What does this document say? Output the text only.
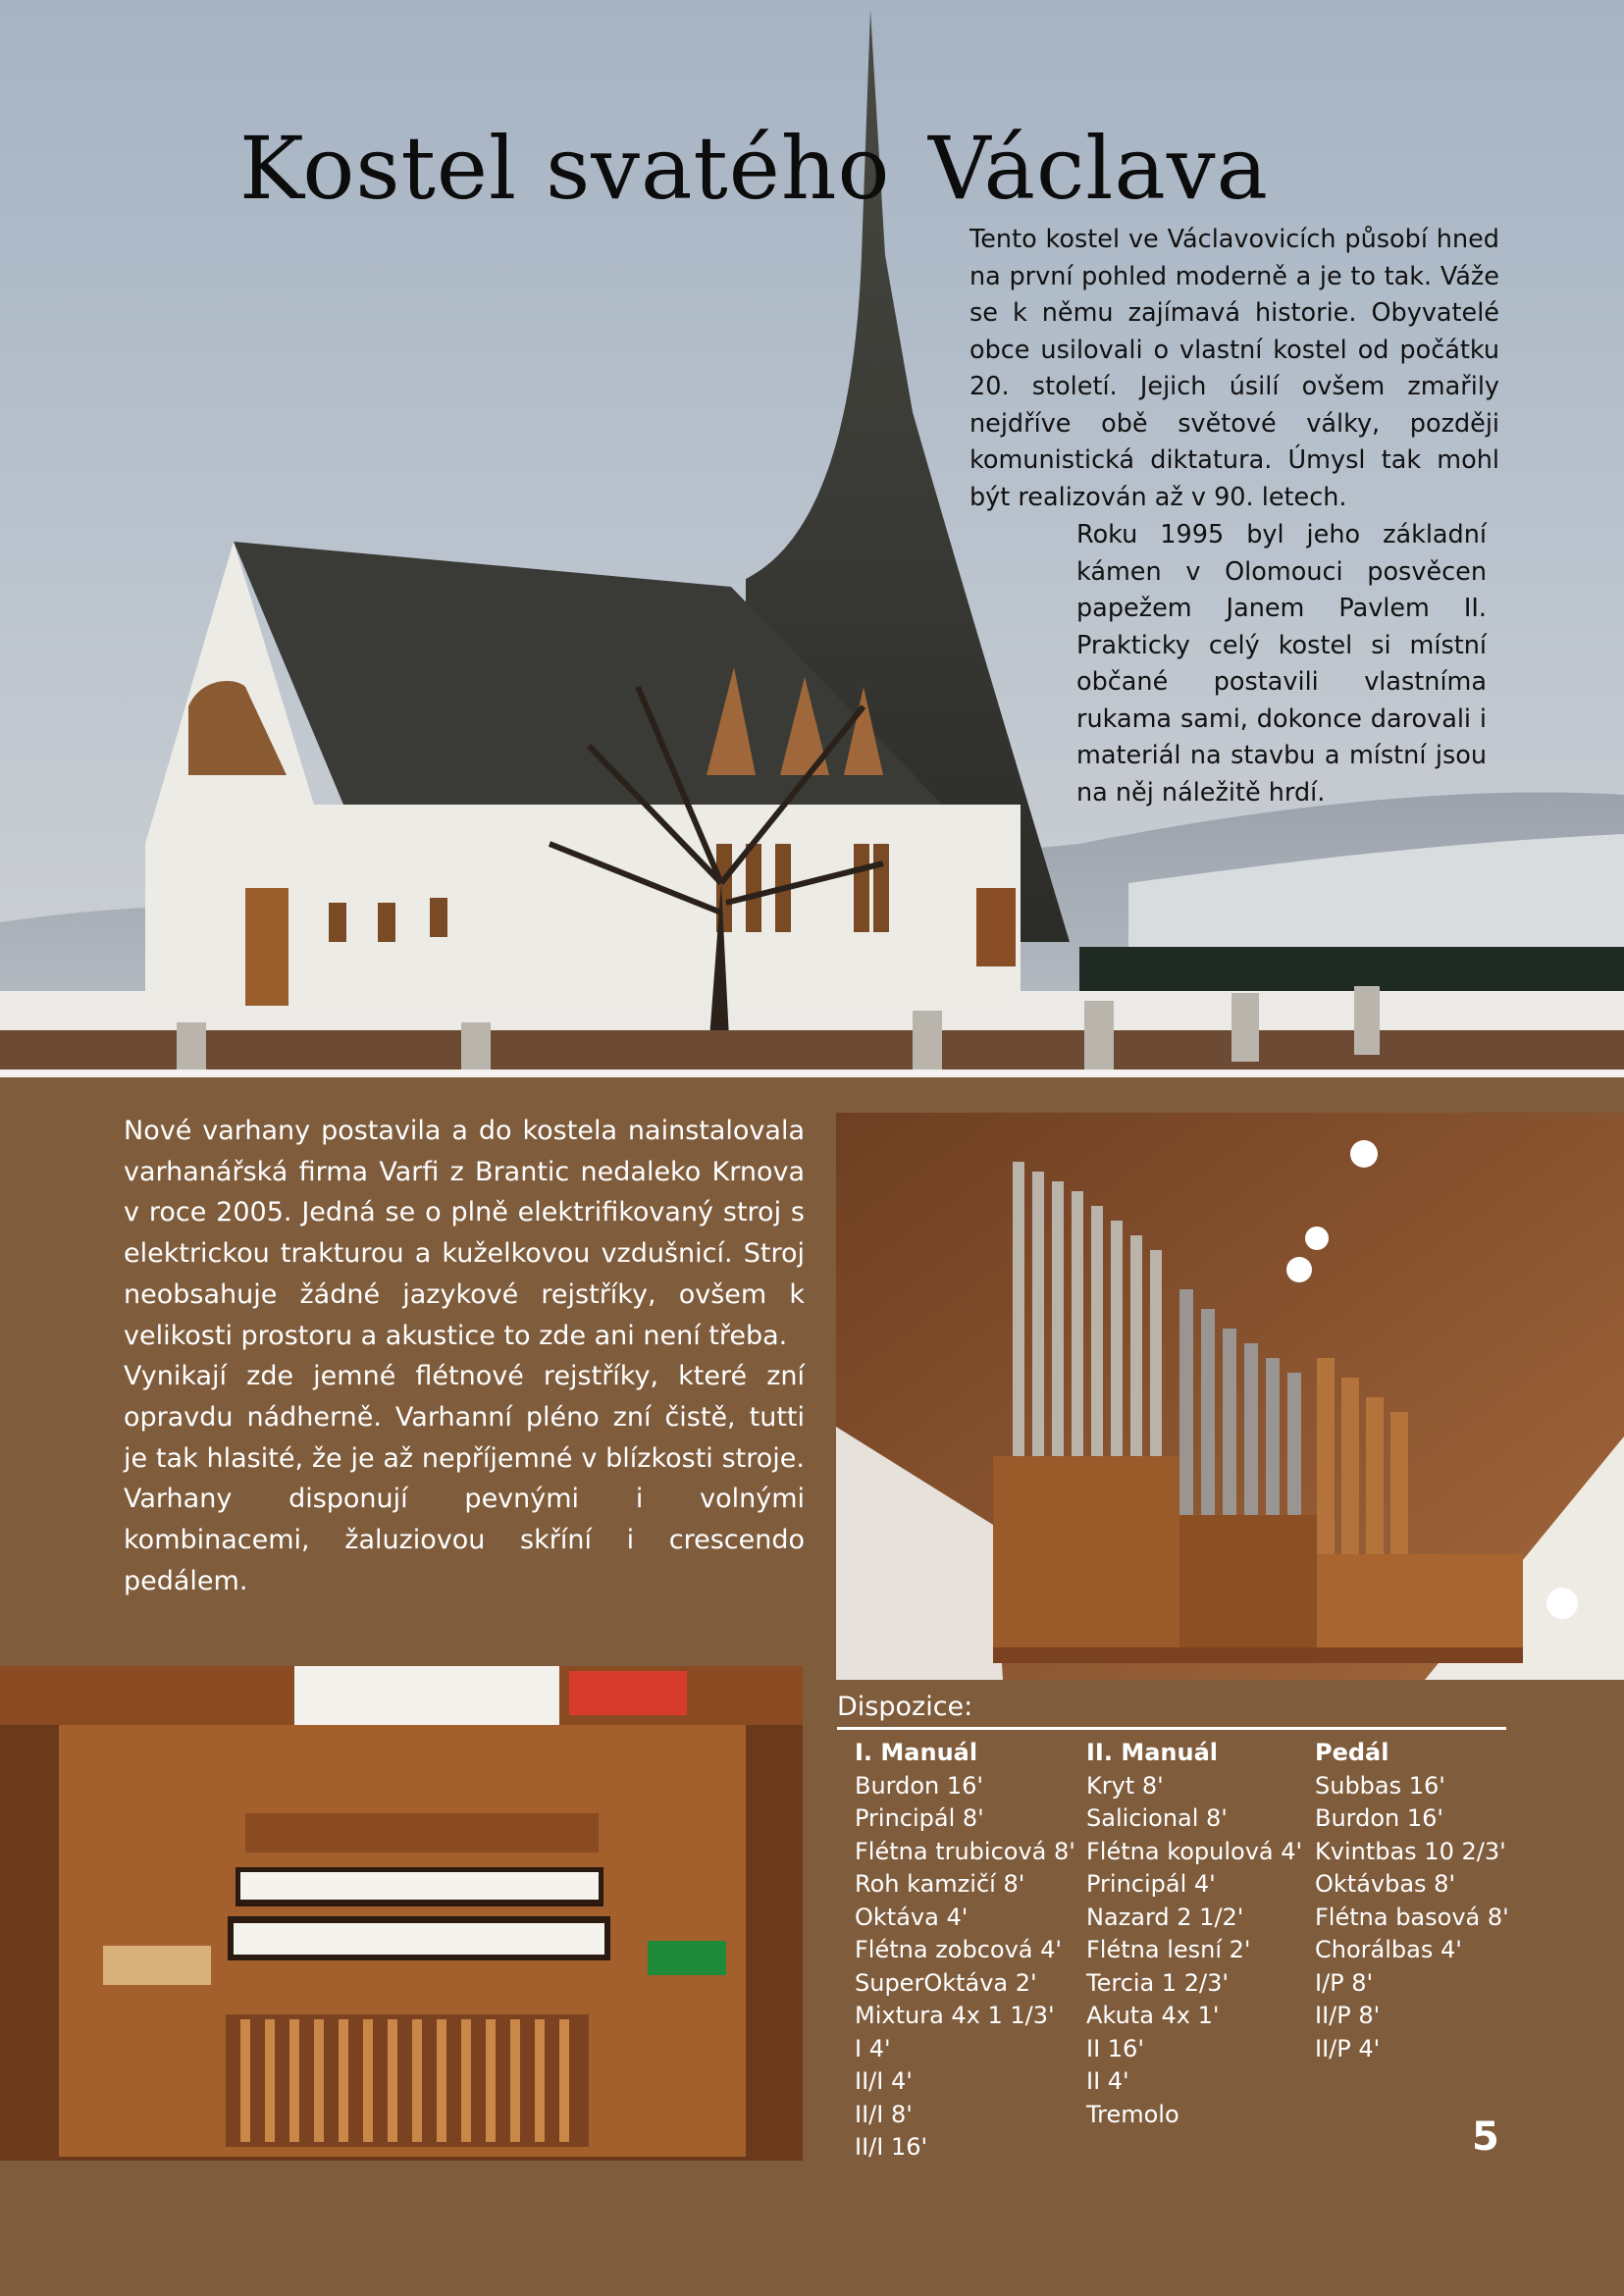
Kostel svatého Václava

Tento kostel ve Václavovicích působí hned na první pohled moderně a je to tak. Váže se k němu zajímavá historie. Obyvatelé obce usilovali o vlastní kostel od počátku 20. století. Jejich úsilí ovšem zmařily nejdříve obě světové války, později komunistická diktatura. Úmysl tak mohl být realizován až v 90. letech.

Roku 1995 byl jeho základní kámen v Olomouci posvěcen papežem Janem Pavlem II. Prakticky celý kostel si místní občané postavili vlastníma rukama sami, dokonce darovali i materiál na stavbu a místní jsou na něj náležitě hrdí.

Nové varhany postavila a do kostela nainstalovala varhanářská firma Varfi z Brantic nedaleko Krnova v roce 2005. Jedná se o plně elektrifikovaný stroj s elektrickou trakturou a kuželkovou vzdušnicí. Stroj neobsahuje žádné jazykové rejstříky, ovšem k velikosti prostoru a akustice to zde ani není třeba.

Vynikají zde jemné flétnové rejstříky, které zní opravdu nádherně. Varhanní pléno zní čistě, tutti je tak hlasité, že je až nepříjemné v blízkosti stroje. Varhany disponují pevnými i volnými kombinacemi, žaluziovou skříní i crescendo pedálem.

Dispozice:
I. Manuál
Burdon 16'
Principál 8'
Flétna trubicová 8'
Roh kamzičí 8'
Oktáva 4'
Flétna zobcová 4'
SuperOktáva 2'
Mixtura 4x 1 1/3'
I 4'
II/I 4'
II/I 8'
II/I 16'
II. Manuál
Kryt 8'
Salicional 8'
Flétna kopulová 4'
Principál 4'
Nazard 2 1/2'
Flétna lesní 2'
Tercia 1 2/3'
Akuta 4x 1'
II 16'
II 4'
Tremolo
Pedál
Subbas 16'
Burdon 16'
Kvintbas 10 2/3'
Oktávbas 8'
Flétna basová 8'
Chorálbas 4'
I/P 8'
II/P 8'
II/P 4'
5
